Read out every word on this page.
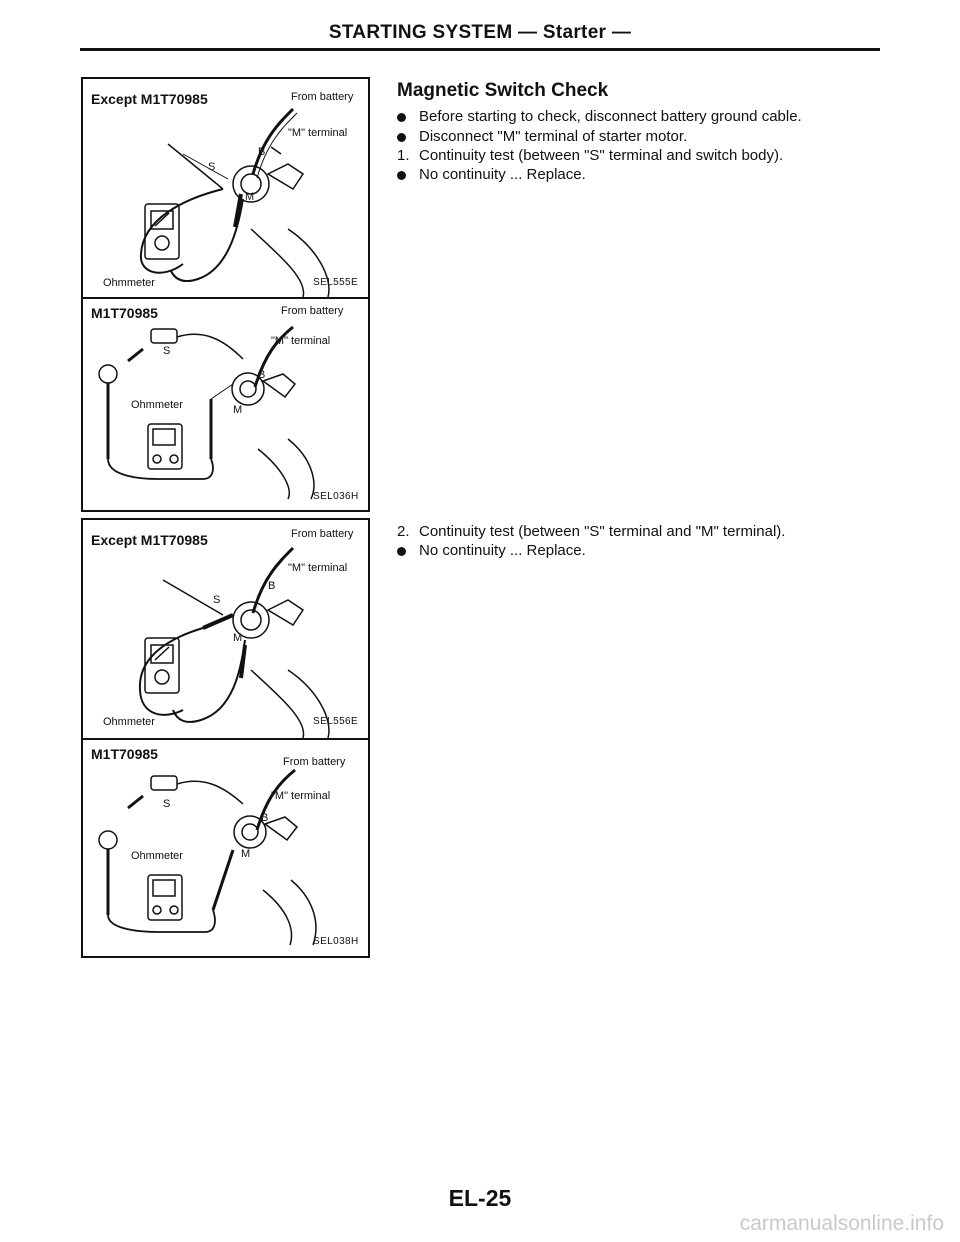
STARTING SYSTEM — Starter —
Except M1T70985	From battery
"M" terminal
S
B
M
Ohmmeter	SEL555E
M1T70985	From battery
"M" terminal
S
B
M
Ohmmeter
SEL036H
Except M1T70985	From battery
"M" terminal
S
B
M
Ohmmeter	SEL556E
M1T70985	From battery
"M" terminal
S
B
M
Ohmmeter
SEL038H
Magnetic Switch Check
Before starting to check, disconnect battery ground cable.
Disconnect "M" terminal of starter motor.
1. Continuity test (between "S" terminal and switch body).
No continuity ... Replace.
2. Continuity test (between "S" terminal and "M" terminal).
No continuity ... Replace.
EL-25
carmanualsonline.info
